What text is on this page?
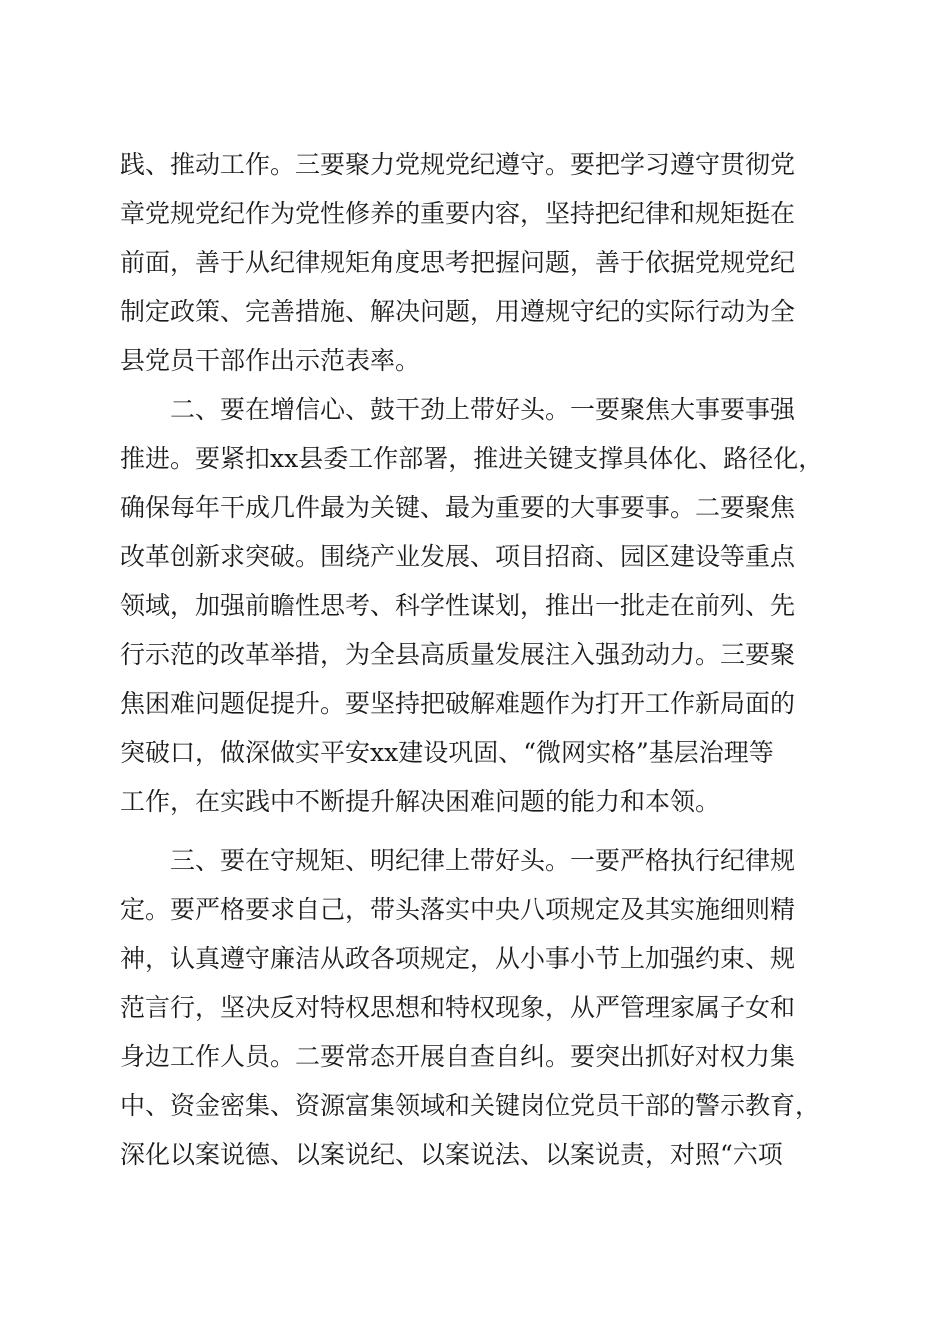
践、推动工作。三要聚力党规党纪遵守。要把学习遵守贯彻党
章党规党纪作为党性修养的重要内容，坚持把纪律和规矩挺在
前面，善于从纪律规矩角度思考把握问题，善于依据党规党纪
制定政策、完善措施、解决问题，用遵规守纪的实际行动为全
县党员干部作出示范表率。
二、要在增信心、鼓干劲上带好头。一要聚焦大事要事强
推进。要紧扣xx县委工作部署，推进关键支撑具体化、路径化，
确保每年干成几件最为关键、最为重要的大事要事。二要聚焦
改革创新求突破。围绕产业发展、项目招商、园区建设等重点
领域，加强前瞻性思考、科学性谋划，推出一批走在前列、先
行示范的改革举措，为全县高质量发展注入强劲动力。三要聚
焦困难问题促提升。要坚持把破解难题作为打开工作新局面的
突破口，做深做实平安xx建设巩固、“微网实格”基层治理等
工作，在实践中不断提升解决困难问题的能力和本领。
三、要在守规矩、明纪律上带好头。一要严格执行纪律规
定。要严格要求自己，带头落实中央八项规定及其实施细则精
神，认真遵守廉洁从政各项规定，从小事小节上加强约束、规
范言行，坚决反对特权思想和特权现象，从严管理家属子女和
身边工作人员。二要常态开展自查自纠。要突出抓好对权力集
中、资金密集、资源富集领域和关键岗位党员干部的警示教育，
深化以案说德、以案说纪、以案说法、以案说责，对照“六项
